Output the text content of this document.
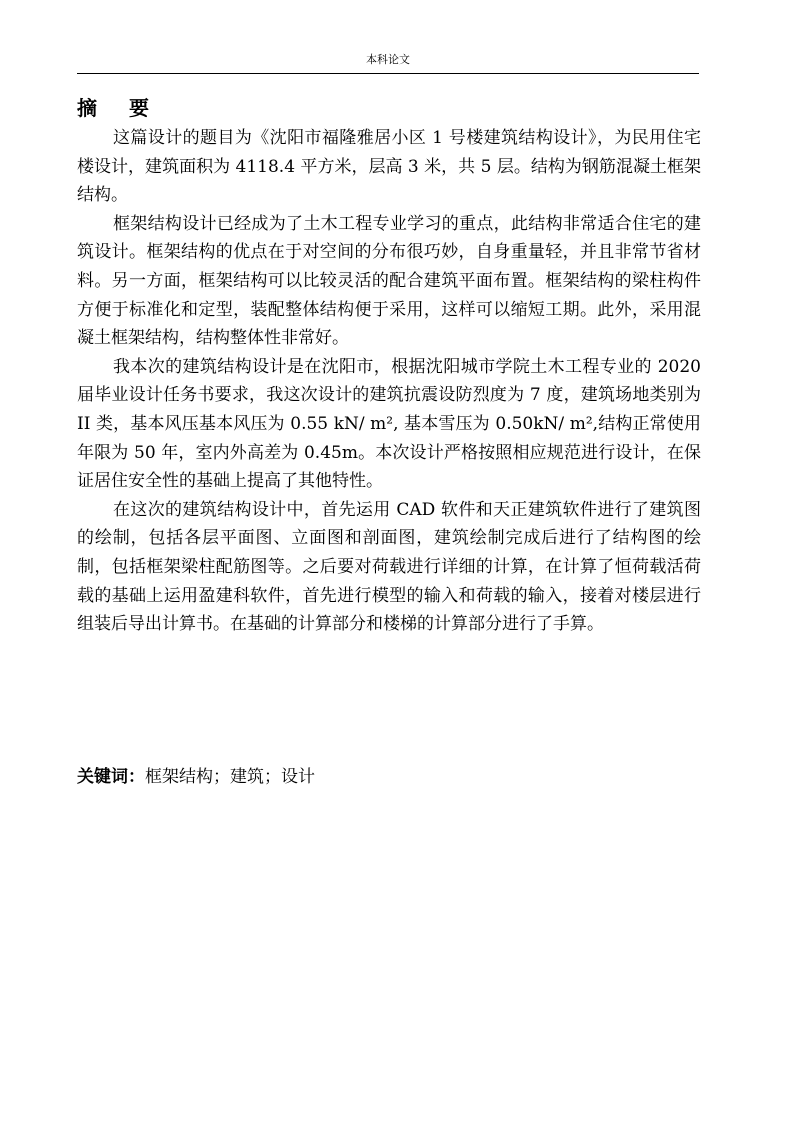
本科论文
摘 要

这篇设计的题目为《沈阳市福隆雅居小区 1 号楼建筑结构设计》，为民用住宅楼设计，建筑面积为 4118.4 平方米，层高 3 米，共 5 层。结构为钢筋混凝土框架结构。

框架结构设计已经成为了土木工程专业学习的重点，此结构非常适合住宅的建筑设计。框架结构的优点在于对空间的分布很巧妙，自身重量轻，并且非常节省材料。另一方面，框架结构可以比较灵活的配合建筑平面布置。框架结构的梁柱构件方便于标准化和定型，装配整体结构便于采用，这样可以缩短工期。此外，采用混凝土框架结构，结构整体性非常好。

我本次的建筑结构设计是在沈阳市，根据沈阳城市学院土木工程专业的 2020 届毕业设计任务书要求，我这次设计的建筑抗震设防烈度为 7 度，建筑场地类别为 II 类，基本风压基本风压为 0.55 kN/ m², 基本雪压为 0.50kN/ m²,结构正常使用年限为 50 年，室内外高差为 0.45m。本次设计严格按照相应规范进行设计，在保证居住安全性的基础上提高了其他特性。

在这次的建筑结构设计中，首先运用 CAD 软件和天正建筑软件进行了建筑图的绘制，包括各层平面图、立面图和剖面图，建筑绘制完成后进行了结构图的绘制，包括框架梁柱配筋图等。之后要对荷载进行详细的计算，在计算了恒荷载活荷载的基础上运用盈建科软件，首先进行模型的输入和荷载的输入，接着对楼层进行组装后导出计算书。在基础的计算部分和楼梯的计算部分进行了手算。

关键词：框架结构；建筑；设计
